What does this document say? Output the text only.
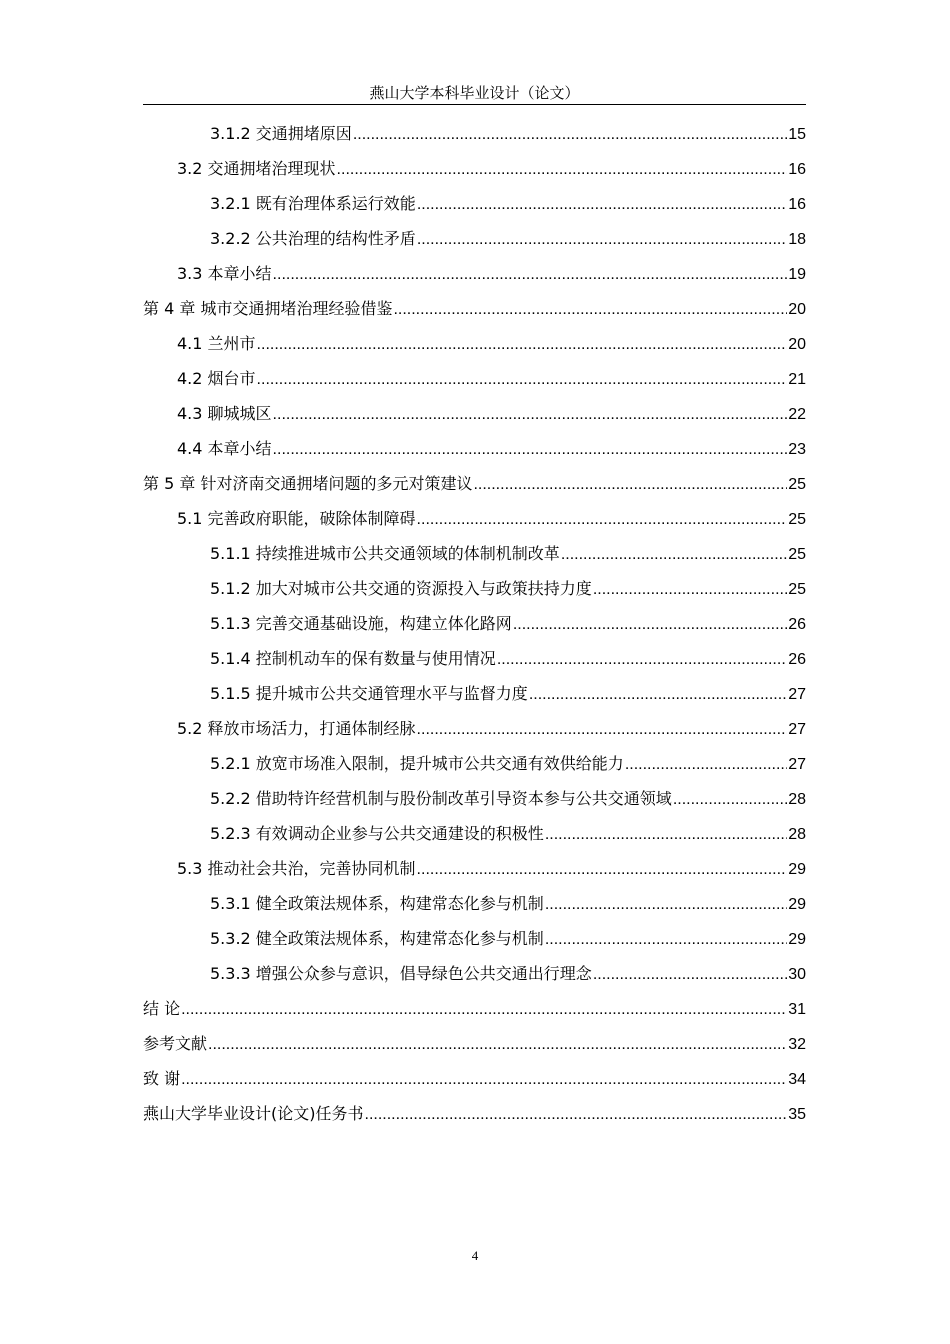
燕山大学本科毕业设计（论文）
3.1.2 交通拥堵原因 .....	15
3.2 交通拥堵治理现状 .....	16
3.2.1 既有治理体系运行效能 .....	16
3.2.2 公共治理的结构性矛盾 .....	18
3.3 本章小结 .....	19
第 4 章 城市交通拥堵治理经验借鉴 .....	20
4.1 兰州市 .....	20
4.2 烟台市 .....	21
4.3 聊城城区 .....	22
4.4 本章小结 .....	23
第 5 章 针对济南交通拥堵问题的多元对策建议 .....	25
5.1 完善政府职能，破除体制障碍 .....	25
5.1.1 持续推进城市公共交通领域的体制机制改革 .....	25
5.1.2 加大对城市公共交通的资源投入与政策扶持力度 .....	25
5.1.3 完善交通基础设施，构建立体化路网 .....	26
5.1.4 控制机动车的保有数量与使用情况 .....	26
5.1.5 提升城市公共交通管理水平与监督力度 .....	27
5.2 释放市场活力，打通体制经脉 .....	27
5.2.1 放宽市场准入限制，提升城市公共交通有效供给能力 .....	27
5.2.2 借助特许经营机制与股份制改革引导资本参与公共交通领域 .....	28
5.2.3 有效调动企业参与公共交通建设的积极性 .....	28
5.3 推动社会共治，完善协同机制 .....	29
5.3.1 健全政策法规体系，构建常态化参与机制 .....	29
5.3.2 健全政策法规体系，构建常态化参与机制 .....	29
5.3.3 增强公众参与意识，倡导绿色公共交通出行理念 .....	30
结 论 .....	31
参考文献 .....	32
致 谢 .....	34
燕山大学毕业设计(论文)任务书 .....	35
4
